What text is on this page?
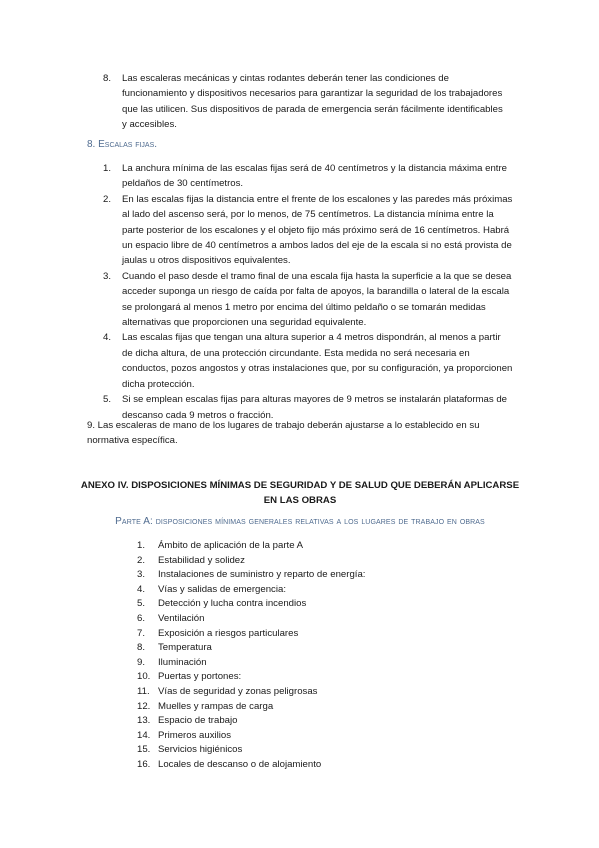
8. Las escaleras mecánicas y cintas rodantes deberán tener las condiciones de funcionamiento y dispositivos necesarios para garantizar la seguridad de los trabajadores que las utilicen. Sus dispositivos de parada de emergencia serán fácilmente identificables y accesibles.
8. Escalas fijas.
1. La anchura mínima de las escalas fijas será de 40 centímetros y la distancia máxima entre peldaños de 30 centímetros.
2. En las escalas fijas la distancia entre el frente de los escalones y las paredes más próximas al lado del ascenso será, por lo menos, de 75 centímetros. La distancia mínima entre la parte posterior de los escalones y el objeto fijo más próximo será de 16 centímetros. Habrá un espacio libre de 40 centímetros a ambos lados del eje de la escala si no está provista de jaulas u otros dispositivos equivalentes.
3. Cuando el paso desde el tramo final de una escala fija hasta la superficie a la que se desea acceder suponga un riesgo de caída por falta de apoyos, la barandilla o lateral de la escala se prolongará al menos 1 metro por encima del último peldaño o se tomarán medidas alternativas que proporcionen una seguridad equivalente.
4. Las escalas fijas que tengan una altura superior a 4 metros dispondrán, al menos a partir de dicha altura, de una protección circundante. Esta medida no será necesaria en conductos, pozos angostos y otras instalaciones que, por su configuración, ya proporcionen dicha protección.
5. Si se emplean escalas fijas para alturas mayores de 9 metros se instalarán plataformas de descanso cada 9 metros o fracción.

9. Las escaleras de mano de los lugares de trabajo deberán ajustarse a lo establecido en su normativa específica.

ANEXO IV. DISPOSICIONES MÍNIMAS DE SEGURIDAD Y DE SALUD QUE DEBERÁN APLICARSE EN LAS OBRAS
Parte A: disposiciones mínimas generales relativas a los lugares de trabajo en obras
1. Ámbito de aplicación de la parte A
2. Estabilidad y solidez
3. Instalaciones de suministro y reparto de energía:
4. Vías y salidas de emergencia:
5. Detección y lucha contra incendios
6. Ventilación
7. Exposición a riesgos particulares
8. Temperatura
9. Iluminación
10. Puertas y portones:
11. Vías de seguridad y zonas peligrosas
12. Muelles y rampas de carga
13. Espacio de trabajo
14. Primeros auxilios
15. Servicios higiénicos
16. Locales de descanso o de alojamiento
